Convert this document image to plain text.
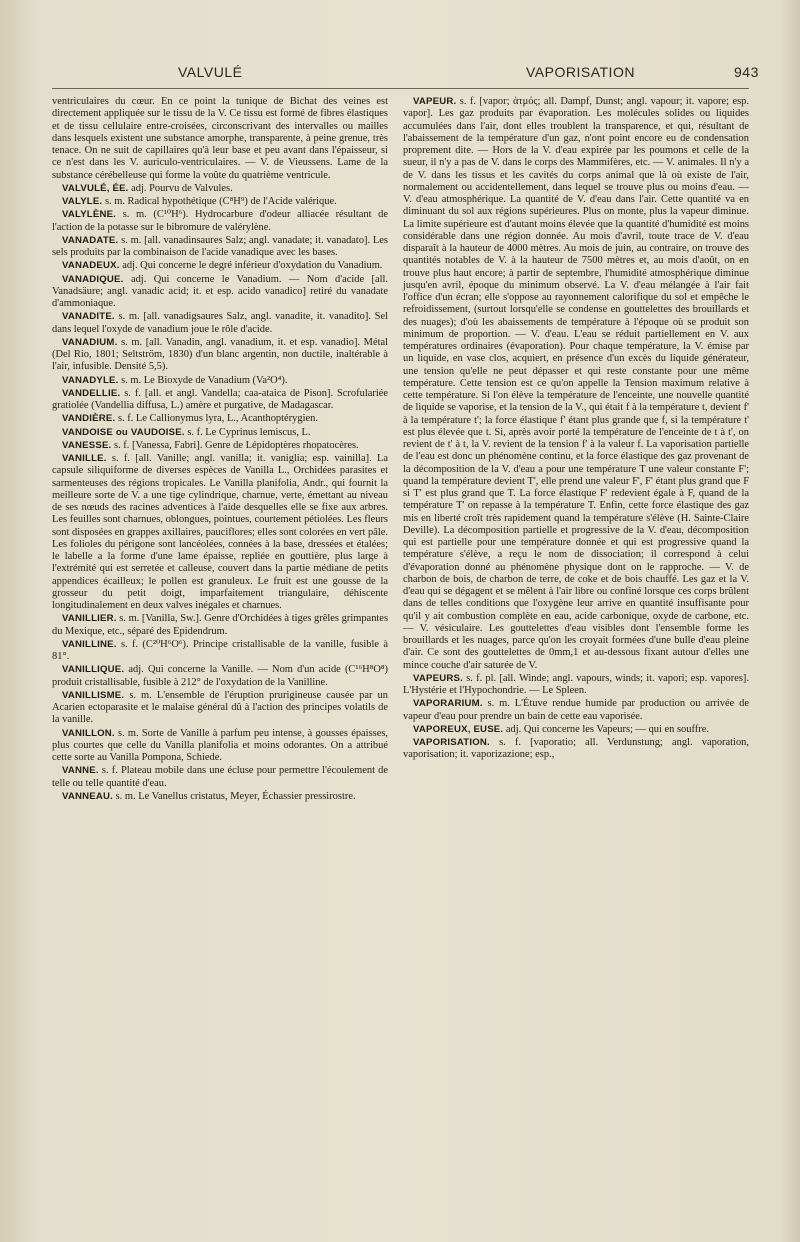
VALVULÉ	VAPORISATION	943

ventriculaires du cœur. En ce point la tunique de Bichat des veines est directement appliquée sur le tissu de la V. Ce tissu est formé de fibres élastiques et de tissu cellulaire entre-croisées, circonscrivant des intervalles ou mailles dans lesquels existent une substance amorphe, transparente, à peine grenue, très tenace. On ne suit de capillaires qu'à leur base et peu avant dans l'épaisseur, si ce n'est dans les V. auriculo-ventriculaires. — V. de Vieussens. Lame de la substance cérébelleuse qui forme la voûte du quatrième ventricule.

VALVULÉ, ÉE. adj. Pourvu de Valvules.

VALYLE. s. m. Radical hypothétique (C⁸H⁹) de l'Acide valérique.

VALYLÈNE. s. m. (C¹⁰H⁶). Hydrocarbure d'odeur alliacée résultant de l'action de la potasse sur le bibromure de valérylène.

VANADATE. s. m. [all. vanadinsaures Salz; angl. vanadate; it. vanadato]. Les sels produits par la combinaison de l'acide vanadique avec les bases.

VANADEUX. adj. Qui concerne le degré inférieur d'oxydation du Vanadium.

VANADIQUE. adj. Qui concerne le Vanadium. — Nom d'acide [all. Vanadsäure; angl. vanadic acid; it. et esp. acido vanadico] retiré du vanadate d'ammoniaque.

VANADITE. s. m. [all. vanadigsaures Salz, angl. vanadite, it. vanadito]. Sel dans lequel l'oxyde de vanadium joue le rôle d'acide.

VANADIUM. s. m. [all. Vanadin, angl. vanadium, it. et esp. vanadio]. Métal (Del Rio, 1801; Seltström, 1830) d'un blanc argentin, non ductile, inaltérable à l'air, infusible. Densité 5,5).

VANADYLE. s. m. Le Bioxyde de Vanadium (Va²O⁴).

VANDELLIE. s. f. [all. et angl. Vandella; caa-ataica de Pison]. Scrofulariée gratiolée (Vandellia diffusa, L.) amère et purgative, de Madagascar.

VANDIÈRE. s. f. Le Callionymus lyra, L., Acanthoptérygien.

VANDOISE ou VAUDOISE. s. f. Le Cyprinus lemiscus, L.

VANESSE. s. f. [Vanessa, Fabri]. Genre de Lépidoptères rhopatocères.

VANILLE. s. f. [all. Vanille; angl. vanilla; it. vaniglia; esp. vainilla]. La capsule siliquiforme de diverses espèces de Vanilla L., Orchidées parasites et sarmenteuses des régions tropicales. Le Vanilla planifolia, Andr., qui fournit la meilleure sorte de V. a une tige cylindrique, charnue, verte, émettant au niveau de ses nœuds des racines adventices à l'aide desquelles elle se fixe aux arbres. Les feuilles sont charnues, oblongues, pointues, courtement pétiolées. Les fleurs sont disposées en grappes axillaires, pauciflores; elles sont colorées en vert pâle. Les folioles du périgone sont lancéolées, connées à la base, dressées et étalées; le labelle a la forme d'une lame épaisse, repliée en gouttière, plus large à l'extrémité qui est serretée et calleuse, couvert dans la partie médiane de petits appendices écailleux; le pollen est granuleux. Le fruit est une gousse de la grosseur du petit doigt, imparfaitement triangulaire, déhiscente longitudinalement en deux valves inégales et charnues.

VANILLIER. s. m. [Vanilla, Sw.]. Genre d'Orchidées à tiges grêles grimpantes du Mexique, etc., séparé des Epidendrum.

VANILLINE. s. f. (C²⁰H⁶O⁶). Principe cristallisable de la vanille, fusible à 81°.

VANILLIQUE. adj. Qui concerne la Vanille. — Nom d'un acide (C¹⁶H⁸O⁸) produit cristallisable, fusible à 212° de l'oxydation de la Vanilline.

VANILLISME. s. m. L'ensemble de l'éruption prurigineuse causée par un Acarien ectoparasite et le malaise général dû à l'action des principes volatils de la vanille.

VANILLON. s. m. Sorte de Vanille à parfum peu intense, à gousses épaisses, plus courtes que celle du Vanilla planifolia et moins odorantes. On a attribué cette sorte au Vanilla Pompona, Schiede.

VANNE. s. f. Plateau mobile dans une écluse pour permettre l'écoulement de telle ou telle quantité d'eau.

VANNEAU. s. m. Le Vanellus cristatus, Meyer, Échassier pressirostre.

VAPEUR. s. f. [vapor; ἀτμός; all. Dampf, Dunst; angl. vapour; it. vapore; esp. vapor]. Les gaz produits par évaporation. Les molécules solides ou liquides accumulées dans l'air, dont elles troublent la transparence, et qui, résultant de l'abaissement de la température d'un gaz, n'ont point encore eu de condensation proprement dite. — Hors de la V. d'eau expirée par les poumons et celle de la sueur, il n'y a pas de V. dans le corps des Mammifères, etc. — V. animales. Il n'y a de V. dans les tissus et les cavités du corps animal que là où existe de l'air, normalement ou accidentellement, dans lequel se trouve plus ou moins d'eau. — V. d'eau atmosphérique. La quantité de V. d'eau dans l'air. Cette quantité va en diminuant du sol aux régions supérieures. Plus on monte, plus la vapeur diminue. La limite supérieure est d'autant moins élevée que la quantité d'humidité est moins considérable dans une région donnée. Au mois d'avril, toute trace de V. d'eau disparaît à la hauteur de 4000 mètres. Au mois de juin, au contraire, on trouve des quantités notables de V. à la hauteur de 7500 mètres et, au mois d'août, on en trouve plus haut encore; à partir de septembre, l'humidité atmosphérique diminue jusqu'en avril, époque du minimum observé. La V. d'eau mélangée à l'air fait l'office d'un écran; elle s'oppose au rayonnement calorifique du sol et empêche le refroidissement, (surtout lorsqu'elle se condense en gouttelettes des brouillards et des nuages); d'où les abaissements de température à l'époque où se produit son minimum de proportion. — V. d'eau. L'eau se réduit partiellement en V. aux températures ordinaires (évaporation). Pour chaque température, la V. émise par un liquide, en vase clos, acquiert, en présence d'un excès du liquide générateur, une tension qu'elle ne peut dépasser et qui reste constante pour une même température. Cette tension est ce qu'on appelle la Tension maximum relative à cette température. Si l'on élève la température de l'enceinte, une nouvelle quantité de liquide se vaporise, et la tension de la V., qui était f à la température t, devient f' à la température t'; la force élastique f' étant plus grande que f, si la température t' est plus élevée que t. Si, après avoir porté la température de l'enceinte de t à t', on revient de t' à t, la V. revient de la tension f' à la valeur f. La vaporisation partielle de l'eau est donc un phénomène continu, et la force élastique des gaz provenant de la décomposition de la V. d'eau a pour une température T une valeur constante F'; quand la température devient T', elle prend une valeur F', F' étant plus grand que F si T' est plus grand que T. La force élastique F' redevient égale à F, quand de la température T' on repasse à la température T. Enfin, cette force élastique des gaz mis en liberté croît très rapidement quand la température s'élève (H. Sainte-Claire Deville). La décomposition partielle et progressive de la V. d'eau, décomposition qui est partielle pour une température donnée et qui est progressive quand la température s'élève, a reçu le nom de dissociation; il correspond à celui d'évaporation donné au phénomène physique dont on le rapproche. — V. de charbon de bois, de charbon de terre, de coke et de bois chauffé. Les gaz et la V. d'eau qui se dégagent et se mêlent à l'air libre ou confiné lorsque ces corps brûlent dans de telles conditions que l'oxygène leur arrive en quantité insuffisante pour qu'il y ait combustion complète en eau, acide carbonique, oxyde de carbone, etc. — V. vésiculaire. Les gouttelettes d'eau visibles dont l'ensemble forme les brouillards et les nuages, parce qu'on les croyait formées d'une bulle d'eau pleine d'air. Ce sont des gouttelettes de 0mm,1 et au-dessous fixant autour d'elles une mince couche d'air saturée de V.

VAPEURS. s. f. pl. [all. Winde; angl. vapours, winds; it. vapori; esp. vapores]. L'Hystérie et l'Hypochondrie. — Le Spleen.

VAPORARIUM. s. m. L'Étuve rendue humide par production ou arrivée de vapeur d'eau pour prendre un bain de cette eau vaporisée.

VAPOREUX, EUSE. adj. Qui concerne les Vapeurs; — qui en souffre.

VAPORISATION. s. f. [vaporatio; all. Verdunstung; angl. vaporation, vaporisation; it. vaporizazione; esp.,
